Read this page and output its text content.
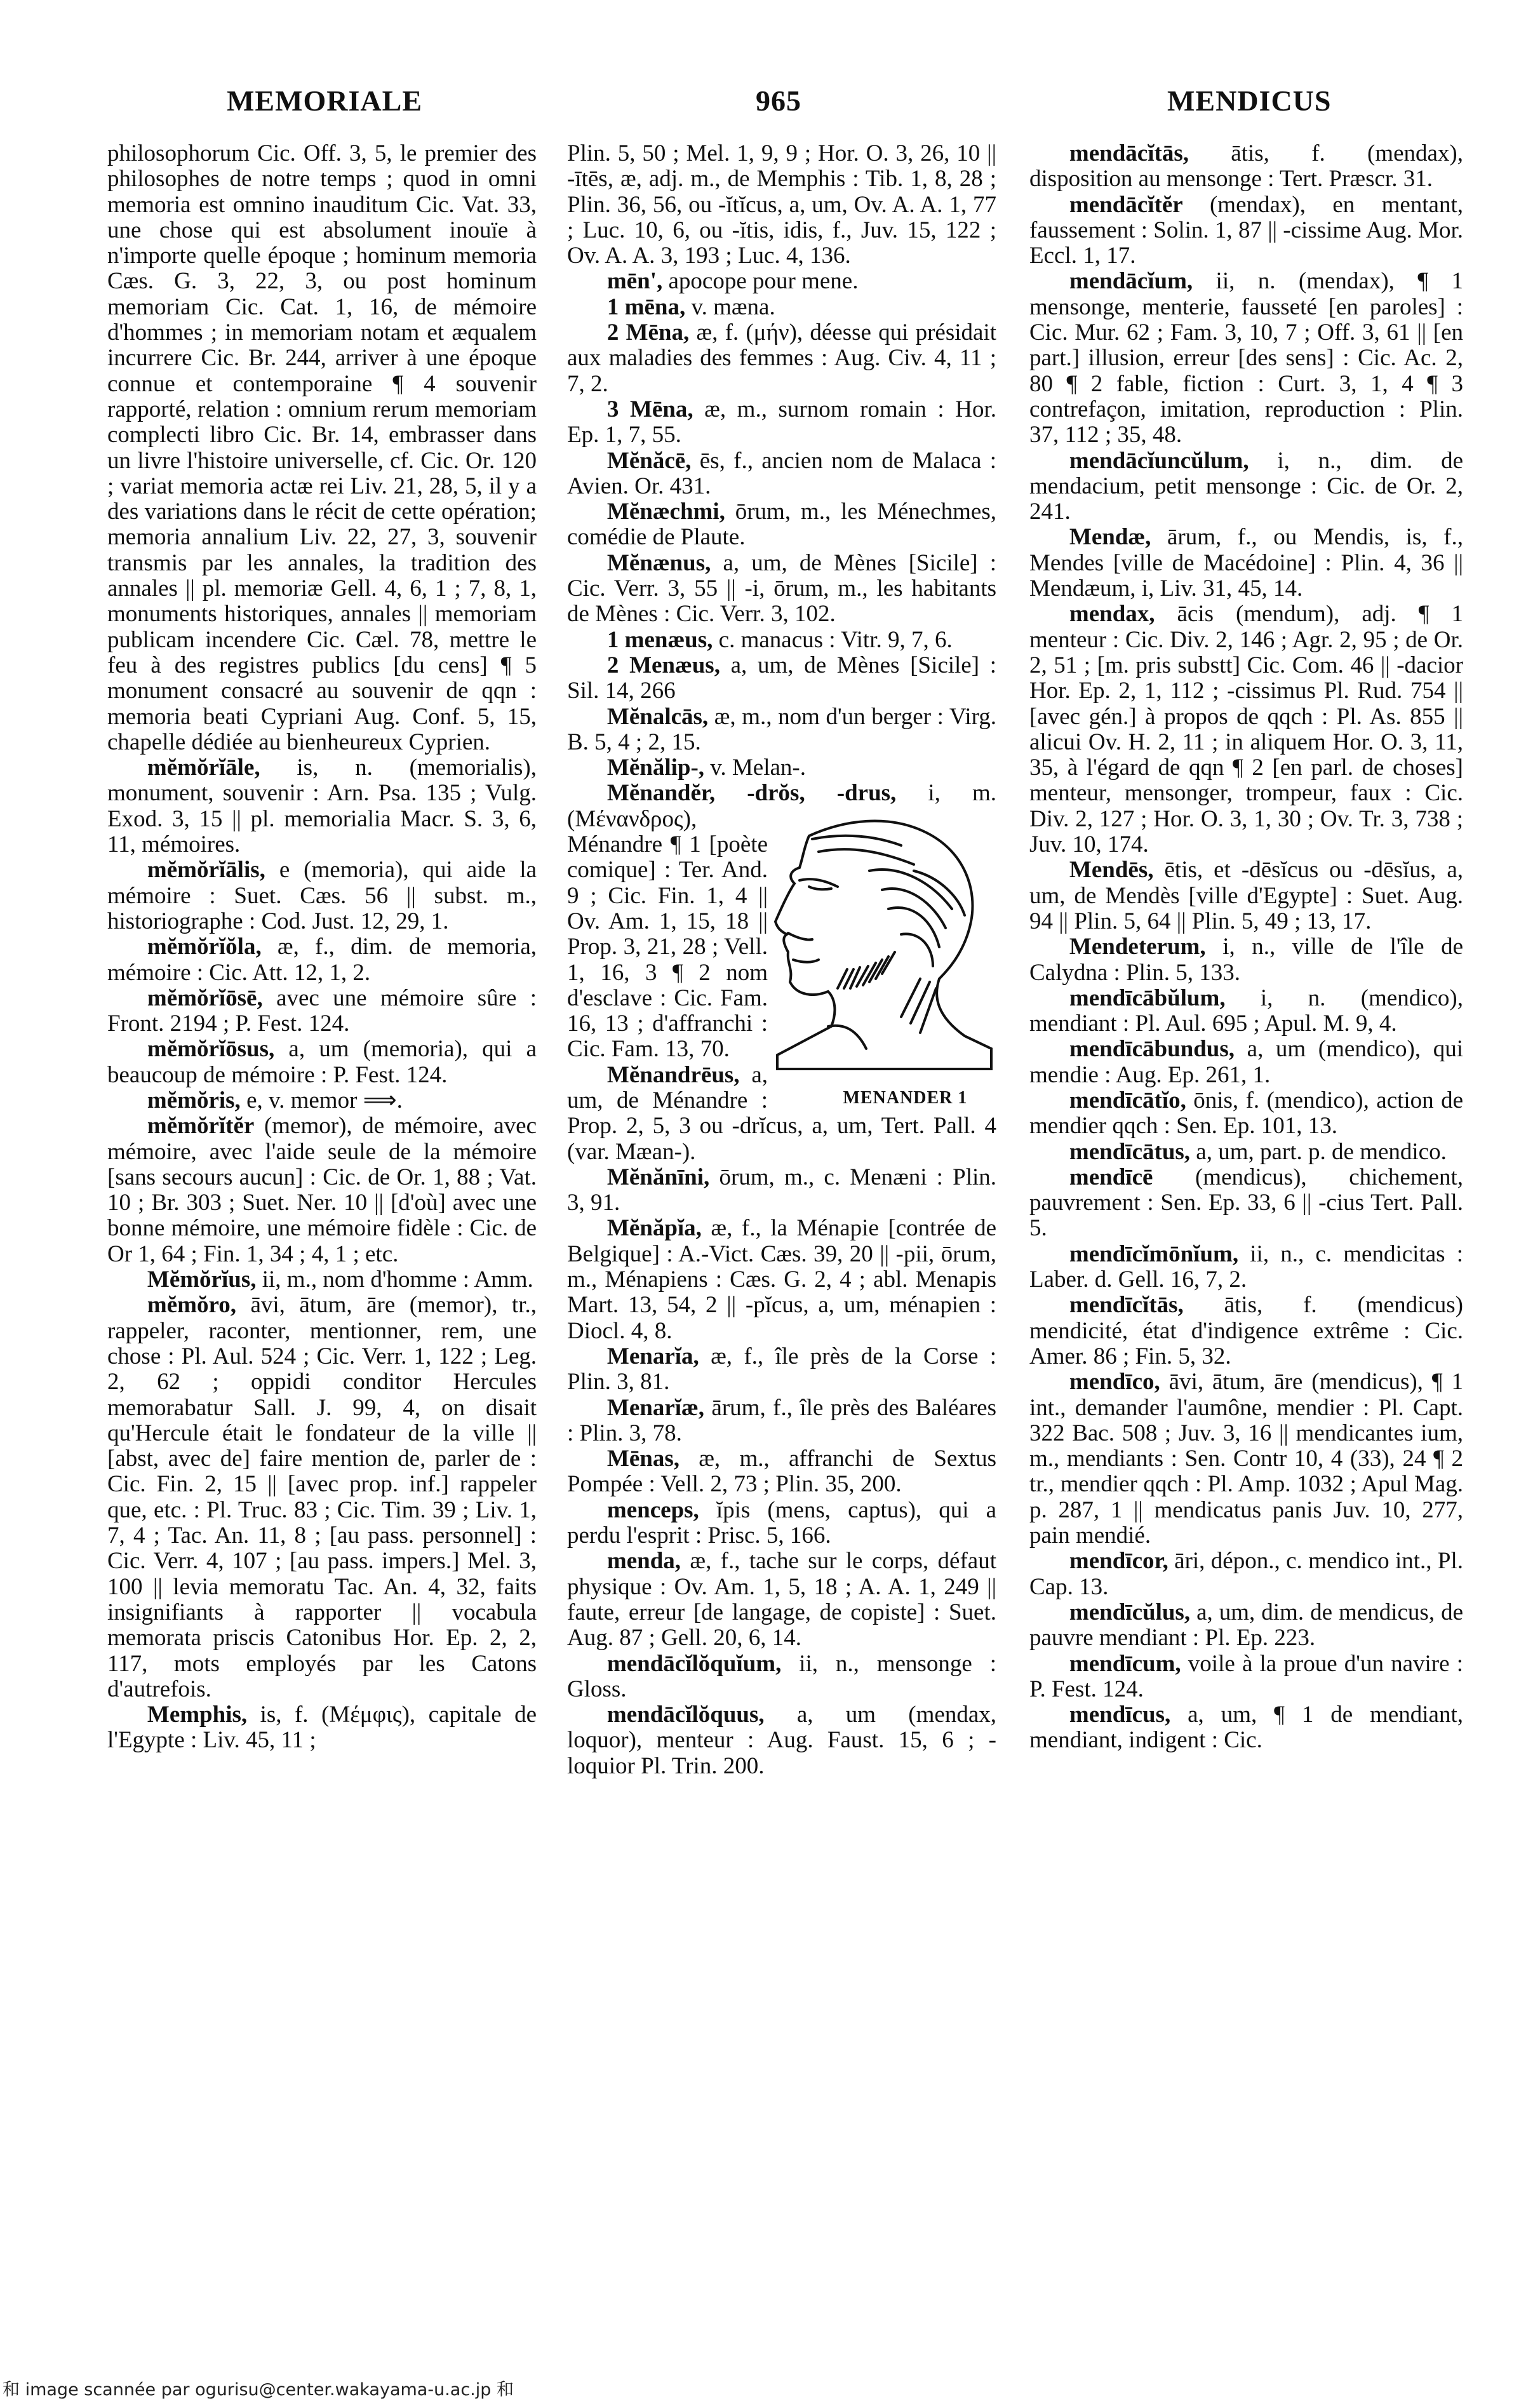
MEMORIALE	965	MENDICUS

philosophorum Cic. Off. 3, 5, le premier des philosophes de notre temps ; quod in omni memoria est omnino inauditum Cic. Vat. 33, une chose qui est absolument inouïe à n'importe quelle époque ; hominum memoria Cæs. G. 3, 22, 3, ou post hominum memoriam Cic. Cat. 1, 16, de mémoire d'hommes ; in memoriam notam et æqualem incurrere Cic. Br. 244, arriver à une époque connue et contemporaine ¶ 4 souvenir rapporté, relation : omnium rerum memoriam complecti libro Cic. Br. 14, embrasser dans un livre l'histoire universelle, cf. Cic. Or. 120 ; variat memoria actæ rei Liv. 21, 28, 5, il y a des variations dans le récit de cette opération; memoria annalium Liv. 22, 27, 3, souvenir transmis par les annales, la tradition des annales || pl. memoriæ Gell. 4, 6, 1 ; 7, 8, 1, monuments historiques, annales || memoriam publicam incendere Cic. Cæl. 78, mettre le feu à des registres publics [du cens] ¶ 5 monument consacré au souvenir de qqn : memoria beati Cypriani Aug. Conf. 5, 15, chapelle dédiée au bienheureux Cyprien.

mĕmŏrĭāle, is, n. (memorialis), monument, souvenir : Arn. Psa. 135 ; Vulg. Exod. 3, 15 || pl. memorialia Macr. S. 3, 6, 11, mémoires.

mĕmŏrĭālis, e (memoria), qui aide la mémoire : Suet. Cæs. 56 || subst. m., historiographe : Cod. Just. 12, 29, 1.

mĕmŏrĭŏla, æ, f., dim. de memoria, mémoire : Cic. Att. 12, 1, 2.

mĕmŏrĭōsē, avec une mémoire sûre : Front. 2194 ; P. Fest. 124.

mĕmŏrĭōsus, a, um (memoria), qui a beaucoup de mémoire : P. Fest. 124.

mĕmŏris, e, v. memor ⟹.

mĕmŏrĭtĕr (memor), de mémoire, avec mémoire, avec l'aide seule de la mémoire [sans secours aucun] : Cic. de Or. 1, 88 ; Vat. 10 ; Br. 303 ; Suet. Ner. 10 || [d'où] avec une bonne mémoire, une mémoire fidèle : Cic. de Or 1, 64 ; Fin. 1, 34 ; 4, 1 ; etc.

Mĕmŏrĭus, ii, m., nom d'homme : Amm.

mĕmŏro, āvi, ātum, āre (memor), tr., rappeler, raconter, mentionner, rem, une chose : Pl. Aul. 524 ; Cic. Verr. 1, 122 ; Leg. 2, 62 ; oppidi conditor Hercules memorabatur Sall. J. 99, 4, on disait qu'Hercule était le fondateur de la ville || [abst, avec de] faire mention de, parler de : Cic. Fin. 2, 15 || [avec prop. inf.] rappeler que, etc. : Pl. Truc. 83 ; Cic. Tim. 39 ; Liv. 1, 7, 4 ; Tac. An. 11, 8 ; [au pass. personnel] : Cic. Verr. 4, 107 ; [au pass. impers.] Mel. 3, 100 || levia memoratu Tac. An. 4, 32, faits insignifiants à rapporter || vocabula memorata priscis Catonibus Hor. Ep. 2, 2, 117, mots employés par les Catons d'autrefois.

Memphis, is, f. (Μέμφις), capitale de l'Egypte : Liv. 45, 11 ;

Plin. 5, 50 ; Mel. 1, 9, 9 ; Hor. O. 3, 26, 10 || -ītēs, æ, adj. m., de Memphis : Tib. 1, 8, 28 ; Plin. 36, 56, ou -ĭtĭcus, a, um, Ov. A. A. 1, 77 ; Luc. 10, 6, ou -ĭtis, idis, f., Juv. 15, 122 ; Ov. A. A. 3, 193 ; Luc. 4, 136.

mēn', apocope pour mene.

1 mēna, v. mæna.

2 Mēna, æ, f. (μήν), déesse qui présidait aux maladies des femmes : Aug. Civ. 4, 11 ; 7, 2.

3 Mēna, æ, m., surnom romain : Hor. Ep. 1, 7, 55.

Mĕnăcē, ēs, f., ancien nom de Malaca : Avien. Or. 431.

Mĕnæchmi, ōrum, m., les Ménechmes, comédie de Plaute.

Mĕnænus, a, um, de Mènes [Sicile] : Cic. Verr. 3, 55 || -i, ōrum, m., les habitants de Mènes : Cic. Verr. 3, 102.

1 menæus, c. manacus : Vitr. 9, 7, 6.

2 Menæus, a, um, de Mènes [Sicile] : Sil. 14, 266

Mĕnalcās, æ, m., nom d'un berger : Virg. B. 5, 4 ; 2, 15.

Mĕnălip-, v. Melan-.

Mĕnandĕr, -drŏs, -drus,
MENANDER 1
i, m. (Μένανδρος), Ménandre ¶ 1 [poète comique] : Ter. And. 9 ; Cic. Fin. 1, 4 || Ov. Am. 1, 15, 18 || Prop. 3, 21, 28 ; Vell. 1, 16, 3 ¶ 2 nom d'esclave : Cic. Fam. 16, 13 ; d'affranchi : Cic. Fam. 13, 70.

Mĕnandrēus, a, um, de Ménandre : Prop. 2, 5, 3 ou -drĭcus, a, um, Tert. Pall. 4 (var. Mæan-).

Mĕnănīni, ōrum, m., c. Menæni : Plin. 3, 91.

Mĕnăpĭa, æ, f., la Ménapie [contrée de Belgique] : A.-Vict. Cæs. 39, 20 || -pii, ōrum, m., Ménapiens : Cæs. G. 2, 4 ; abl. Menapis Mart. 13, 54, 2 || -pĭcus, a, um, ménapien : Diocl. 4, 8.

Menarĭa, æ, f., île près de la Corse : Plin. 3, 81.

Menarĭæ, ārum, f., île près des Baléares : Plin. 3, 78.

Mēnas, æ, m., affranchi de Sextus Pompée : Vell. 2, 73 ; Plin. 35, 200.

menceps, ĭpis (mens, captus), qui a perdu l'esprit : Prisc. 5, 166.

menda, æ, f., tache sur le corps, défaut physique : Ov. Am. 1, 5, 18 ; A. A. 1, 249 || faute, erreur [de langage, de copiste] : Suet. Aug. 87 ; Gell. 20, 6, 14.

mendācĭlŏquĭum, ii, n., mensonge : Gloss.

mendācĭlŏquus, a, um (mendax, loquor), menteur : Aug. Faust. 15, 6 ; -loquior Pl. Trin. 200.

mendācĭtās, ātis, f. (mendax), disposition au mensonge : Tert. Præscr. 31.

mendācĭtĕr (mendax), en mentant, faussement : Solin. 1, 87 || -cissime Aug. Mor. Eccl. 1, 17.

mendācĭum, ii, n. (mendax), ¶ 1 mensonge, menterie, fausseté [en paroles] : Cic. Mur. 62 ; Fam. 3, 10, 7 ; Off. 3, 61 || [en part.] illusion, erreur [des sens] : Cic. Ac. 2, 80 ¶ 2 fable, fiction : Curt. 3, 1, 4 ¶ 3 contrefaçon, imitation, reproduction : Plin. 37, 112 ; 35, 48.

mendācĭuncŭlum, i, n., dim. de mendacium, petit mensonge : Cic. de Or. 2, 241.

Mendæ, ārum, f., ou Mendis, is, f., Mendes [ville de Macédoine] : Plin. 4, 36 || Mendæum, i, Liv. 31, 45, 14.

mendax, ācis (mendum), adj. ¶ 1 menteur : Cic. Div. 2, 146 ; Agr. 2, 95 ; de Or. 2, 51 ; [m. pris substt] Cic. Com. 46 || -dacior Hor. Ep. 2, 1, 112 ; -cissimus Pl. Rud. 754 || [avec gén.] à propos de qqch : Pl. As. 855 || alicui Ov. H. 2, 11 ; in aliquem Hor. O. 3, 11, 35, à l'égard de qqn ¶ 2 [en parl. de choses] menteur, mensonger, trompeur, faux : Cic. Div. 2, 127 ; Hor. O. 3, 1, 30 ; Ov. Tr. 3, 738 ; Juv. 10, 174.

Mendēs, ētis, et -dēsĭcus ou -dēsĭus, a, um, de Mendès [ville d'Egypte] : Suet. Aug. 94 || Plin. 5, 64 || Plin. 5, 49 ; 13, 17.

Mendeterum, i, n., ville de l'île de Calydna : Plin. 5, 133.

mendīcābŭlum, i, n. (mendico), mendiant : Pl. Aul. 695 ; Apul. M. 9, 4.

mendīcābundus, a, um (mendico), qui mendie : Aug. Ep. 261, 1.

mendīcātĭo, ōnis, f. (mendico), action de mendier qqch : Sen. Ep. 101, 13.

mendīcātus, a, um, part. p. de mendico.

mendīcē (mendicus), chichement, pauvrement : Sen. Ep. 33, 6 || -cius Tert. Pall. 5.

mendīcĭmōnĭum, ii, n., c. mendicitas : Laber. d. Gell. 16, 7, 2.

mendīcĭtās, ātis, f. (mendicus) mendicité, état d'indigence extrême : Cic. Amer. 86 ; Fin. 5, 32.

mendīco, āvi, ātum, āre (mendicus), ¶ 1 int., demander l'aumône, mendier : Pl. Capt. 322 Bac. 508 ; Juv. 3, 16 || mendicantes ium, m., mendiants : Sen. Contr 10, 4 (33), 24 ¶ 2 tr., mendier qqch : Pl. Amp. 1032 ; Apul Mag. p. 287, 1 || mendicatus panis Juv. 10, 277, pain mendié.

mendīcor, āri, dépon., c. mendico int., Pl. Cap. 13.

mendīcŭlus, a, um, dim. de mendicus, de pauvre mendiant : Pl. Ep. 223.

mendīcum, voile à la proue d'un navire : P. Fest. 124.

mendīcus, a, um, ¶ 1 de mendiant, mendiant, indigent : Cic.

和 image scannée par ogurisu@center.wakayama-u.ac.jp 和
